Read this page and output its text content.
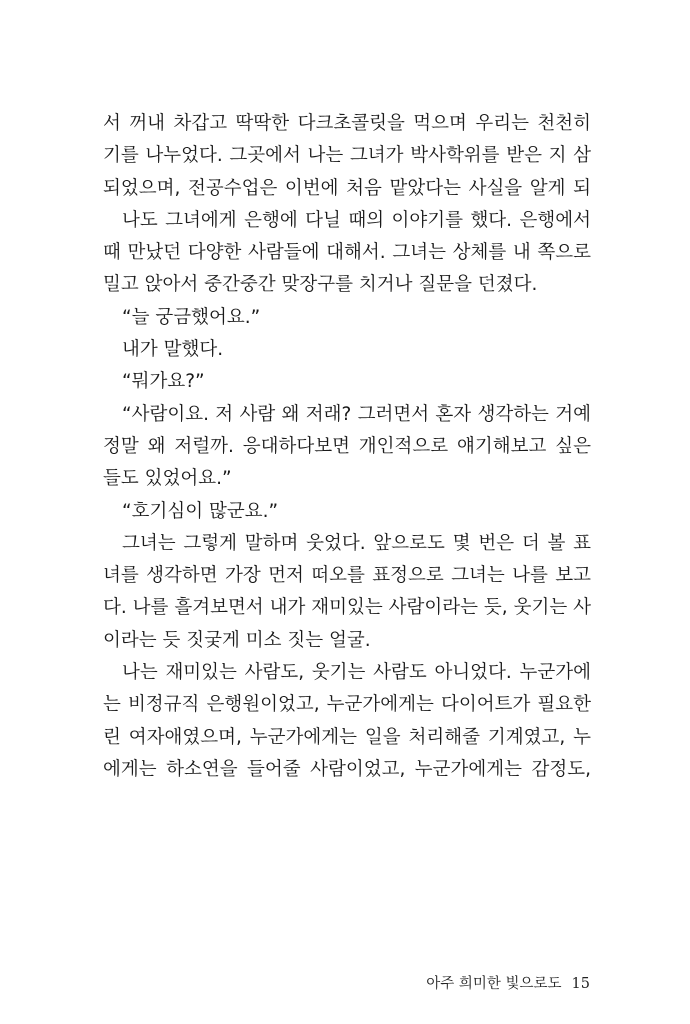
서 꺼내 차갑고 딱딱한 다크초콜릿을 먹으며 우리는 천천히
기를 나누었다. 그곳에서 나는 그녀가 박사학위를 받은 지 삼
되었으며, 전공수업은 이번에 처음 맡았다는 사실을 알게 되
나도 그녀에게 은행에 다닐 때의 이야기를 했다. 은행에서
때 만났던 다양한 사람들에 대해서. 그녀는 상체를 내 쪽으로
밀고 앉아서 중간중간 맞장구를 치거나 질문을 던졌다.
“늘 궁금했어요.”
내가 말했다.
“뭐가요?”
“사람이요. 저 사람 왜 저래? 그러면서 혼자 생각하는 거예
정말 왜 저럴까. 응대하다보면 개인적으로 얘기해보고 싶은
들도 있었어요.”
“호기심이 많군요.”
그녀는 그렇게 말하며 웃었다. 앞으로도 몇 번은 더 볼 표
녀를 생각하면 가장 먼저 떠오를 표정으로 그녀는 나를 보고
다. 나를 흘겨보면서 내가 재미있는 사람이라는 듯, 웃기는 사
이라는 듯 짓궂게 미소 짓는 얼굴.
나는 재미있는 사람도, 웃기는 사람도 아니었다. 누군가에
는 비정규직 은행원이었고, 누군가에게는 다이어트가 필요한
린 여자애였으며, 누군가에게는 일을 처리해줄 기계였고, 누
에게는 하소연을 들어줄 사람이었고, 누군가에게는 감정도,
아주 희미한 빛으로도 15
